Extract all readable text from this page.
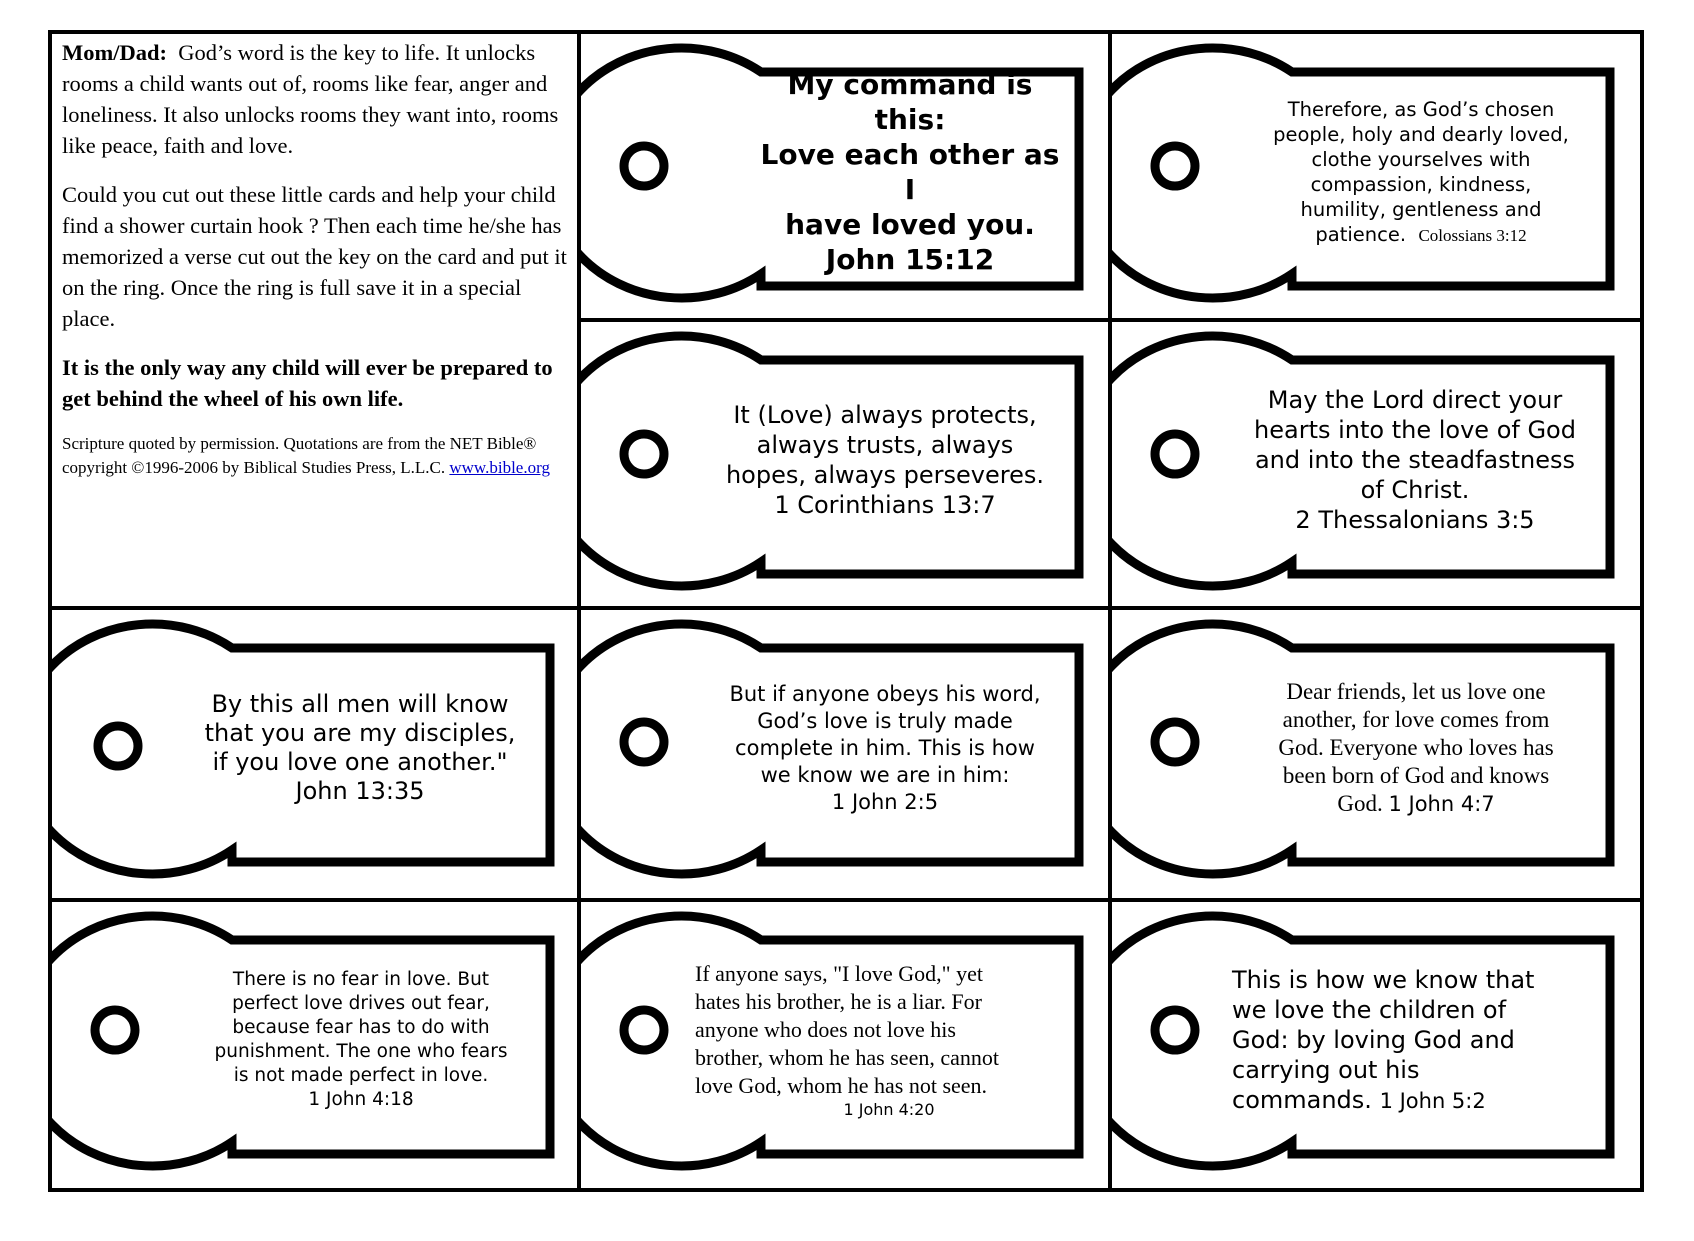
Mom/Dad: God’s word is the key to life. It unlocks rooms a child wants out of, rooms like fear, anger and loneliness. It also unlocks rooms they want into, rooms like peace, faith and love.

Could you cut out these little cards and help your child find a shower curtain hook ? Then each time he/she has memorized a verse cut out the key on the card and put it on the ring. Once the ring is full save it in a special place.

It is the only way any child will ever be prepared to get behind the wheel of his own life.

Scripture quoted by permission. Quotations are from the NET Bible® copyright ©1996-2006 by Biblical Studies Press, L.L.C. www.bible.org

My command is this:
Love each other as I
have loved you.
John 15:12
Therefore, as God’s chosen
people, holy and dearly loved,
clothe yourselves with
compassion, kindness,
humility, gentleness and
patience. Colossians 3:12
It (Love) always protects,
always trusts, always
hopes, always perseveres.
1 Corinthians 13:7
May the Lord direct your
hearts into the love of God
and into the steadfastness
of Christ.
2 Thessalonians 3:5
By this all men will know
that you are my disciples,
if you love one another."
John 13:35
But if anyone obeys his word,
God’s love is truly made
complete in him. This is how
we know we are in him:
1 John 2:5
Dear friends, let us love one
another, for love comes from
God. Everyone who loves has
been born of God and knows
God. 1 John 4:7
There is no fear in love. But
perfect love drives out fear,
because fear has to do with
punishment. The one who fears
is not made perfect in love.
1 John 4:18
If anyone says, "I love God," yet
hates his brother, he is a liar. For
anyone who does not love his
brother, whom he has seen, cannot
love God, whom he has not seen.
1 John 4:20
This is how we know that
we love the children of
God: by loving God and
carrying out his
commands. 1 John 5:2
